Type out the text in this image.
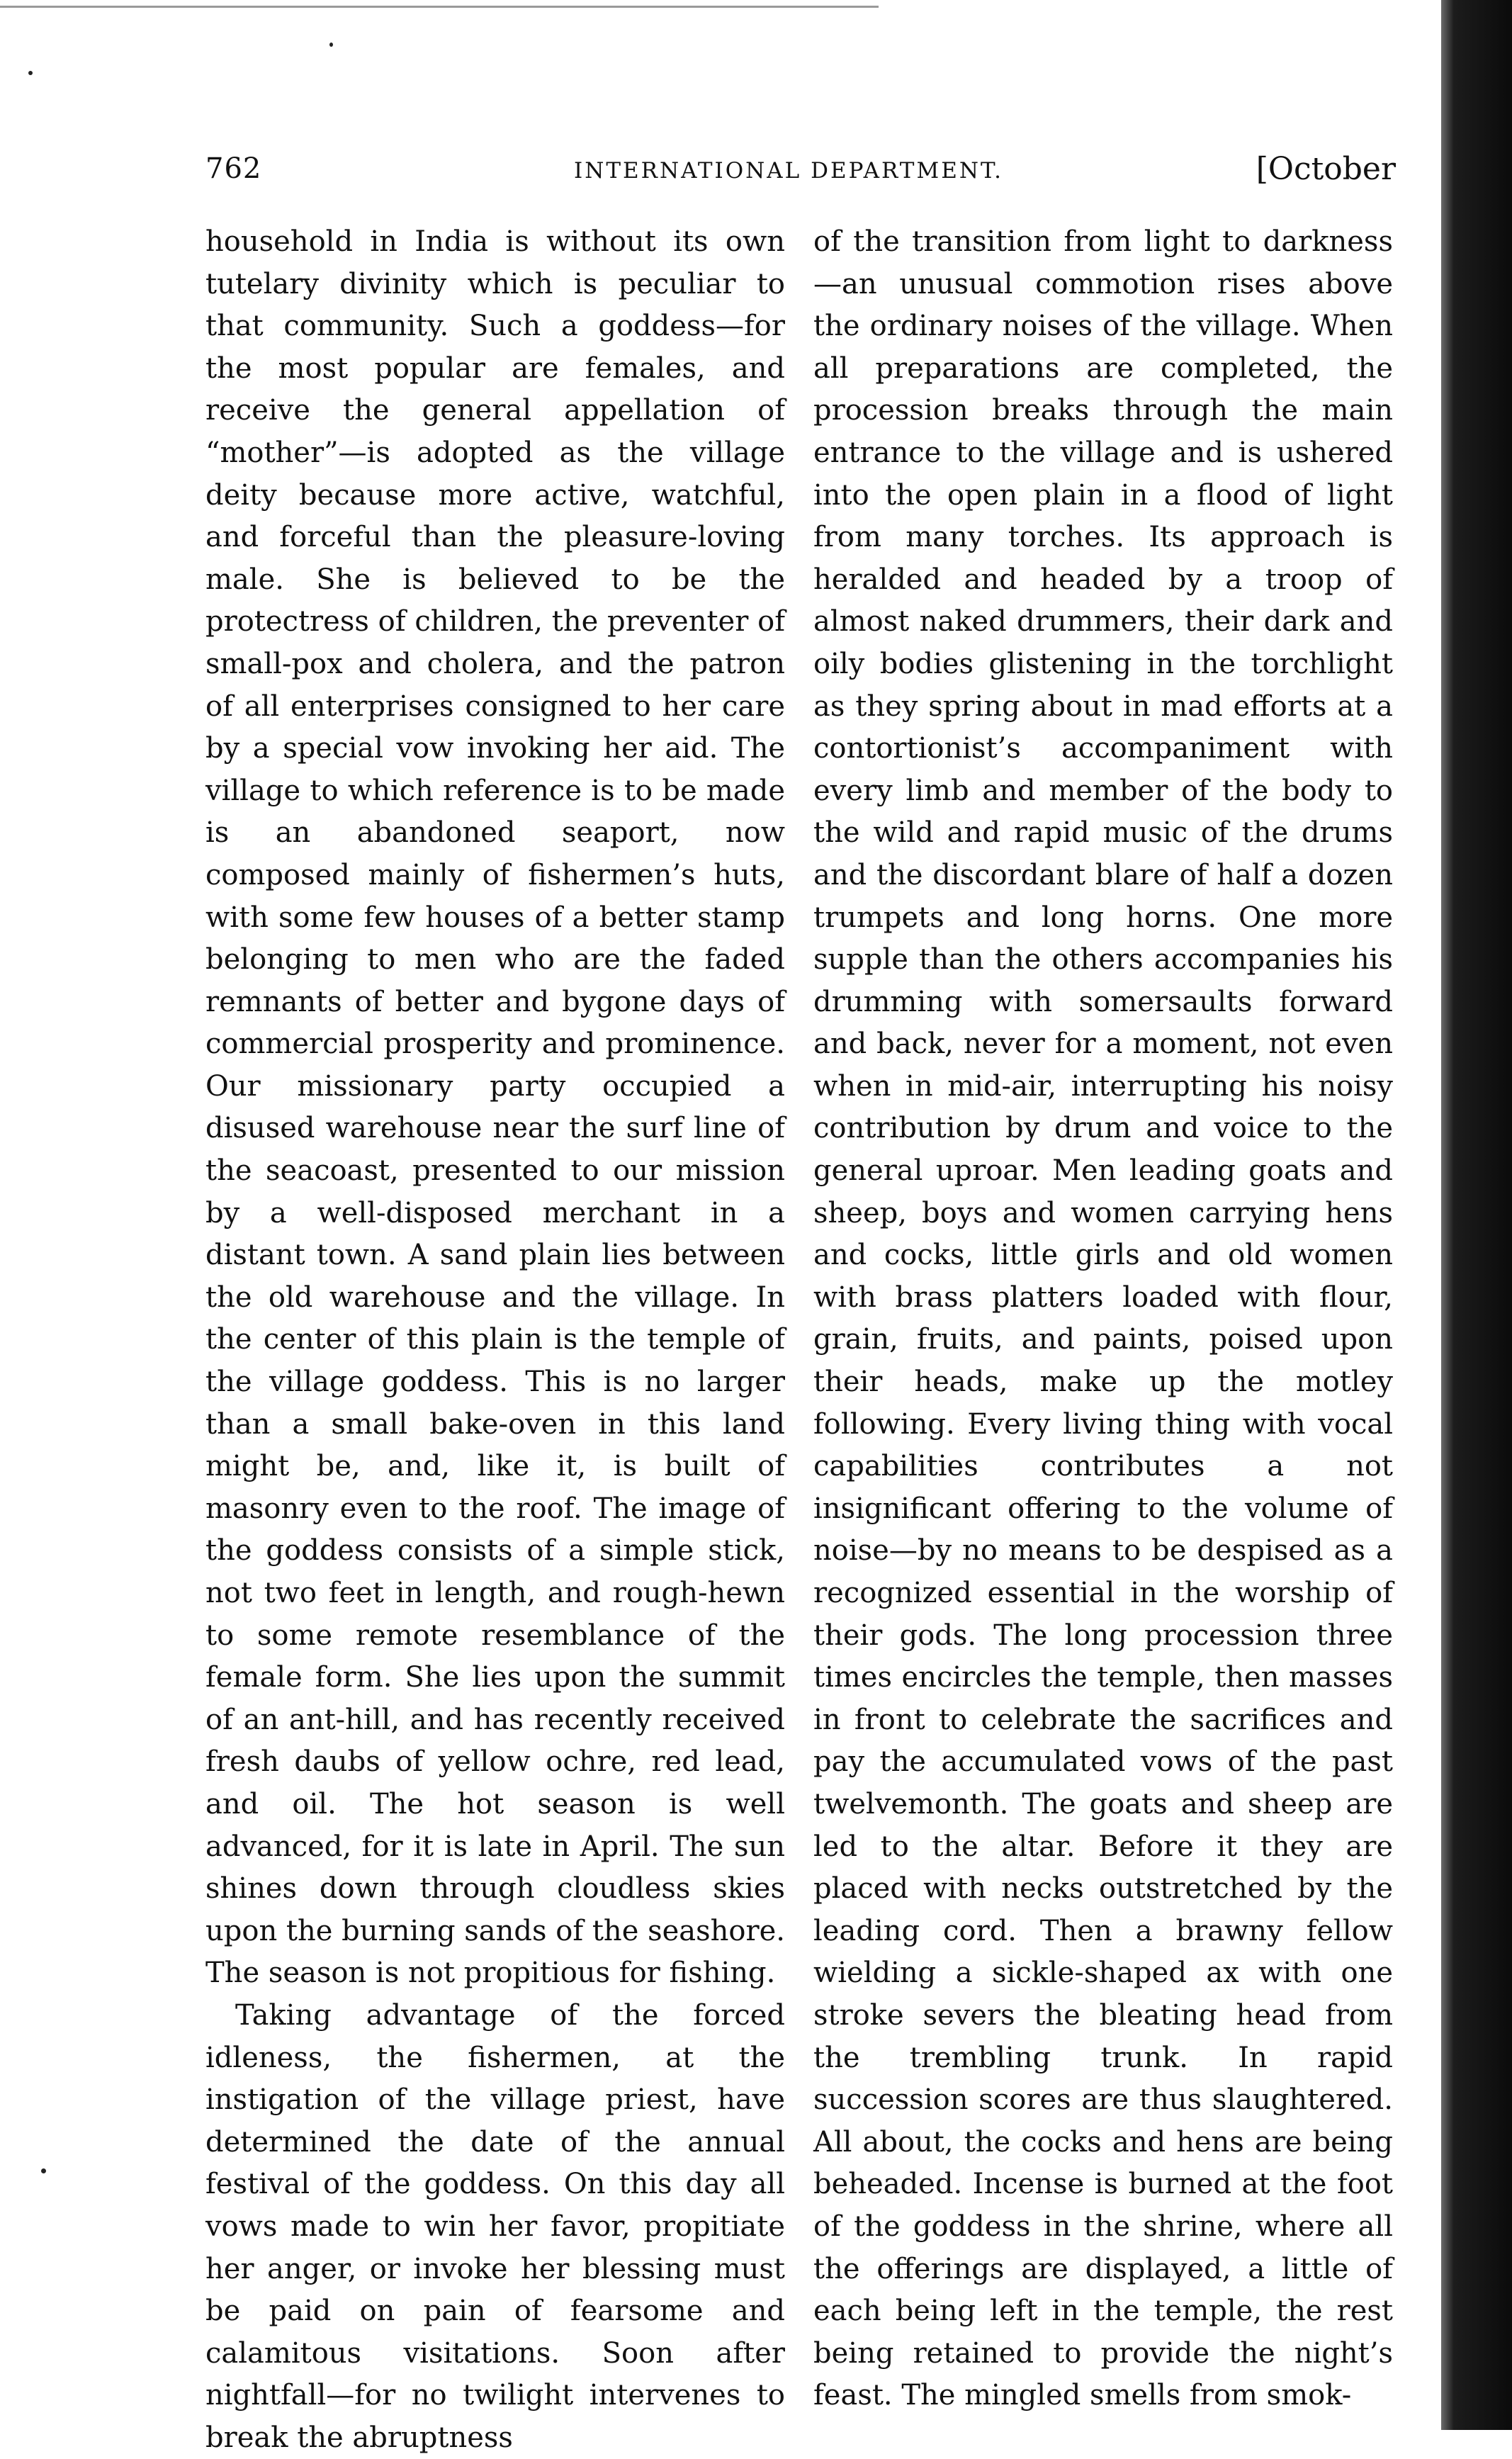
762	INTERNATIONAL DEPARTMENT.	[October

household in India is without its own tutelary divinity which is peculiar to that community. Such a goddess—for the most popular are females, and receive the general appellation of “mother”—is adopted as the village deity because more active, watchful, and forceful than the pleasure-loving male. She is believed to be the protectress of children, the preventer of small-pox and cholera, and the patron of all enterprises consigned to her care by a special vow invoking her aid. The village to which reference is to be made is an abandoned seaport, now composed mainly of fishermen’s huts, with some few houses of a better stamp belonging to men who are the faded remnants of better and bygone days of commercial prosperity and prominence. Our missionary party occupied a disused warehouse near the surf line of the seacoast, presented to our mission by a well-disposed merchant in a distant town. A sand plain lies between the old warehouse and the village. In the center of this plain is the temple of the village goddess. This is no larger than a small bake-oven in this land might be, and, like it, is built of masonry even to the roof. The image of the goddess consists of a simple stick, not two feet in length, and rough-hewn to some remote resemblance of the female form. She lies upon the summit of an ant-hill, and has recently received fresh daubs of yellow ochre, red lead, and oil. The hot season is well advanced, for it is late in April. The sun shines down through cloudless skies upon the burning sands of the seashore. The season is not propitious for fishing.

Taking advantage of the forced idleness, the fishermen, at the instigation of the village priest, have determined the date of the annual festival of the goddess. On this day all vows made to win her favor, propitiate her anger, or invoke her blessing must be paid on pain of fearsome and calamitous visitations. Soon after nightfall—for no twilight intervenes to break the abruptness

of the transition from light to darkness—an unusual commotion rises above the ordinary noises of the village. When all preparations are completed, the procession breaks through the main entrance to the village and is ushered into the open plain in a flood of light from many torches. Its approach is heralded and headed by a troop of almost naked drummers, their dark and oily bodies glistening in the torchlight as they spring about in mad efforts at a contortionist’s accompaniment with every limb and member of the body to the wild and rapid music of the drums and the discordant blare of half a dozen trumpets and long horns. One more supple than the others accompanies his drumming with somersaults forward and back, never for a moment, not even when in mid-air, interrupting his noisy contribution by drum and voice to the general uproar. Men leading goats and sheep, boys and women carrying hens and cocks, little girls and old women with brass platters loaded with flour, grain, fruits, and paints, poised upon their heads, make up the motley following. Every living thing with vocal capabilities contributes a not insignificant offering to the volume of noise—by no means to be despised as a recognized essential in the worship of their gods. The long procession three times encircles the temple, then masses in front to celebrate the sacrifices and pay the accumulated vows of the past twelvemonth. The goats and sheep are led to the altar. Before it they are placed with necks outstretched by the leading cord. Then a brawny fellow wielding a sickle-shaped ax with one stroke severs the bleating head from the trembling trunk. In rapid succession scores are thus slaughtered. All about, the cocks and hens are being beheaded. Incense is burned at the foot of the goddess in the shrine, where all the offerings are displayed, a little of each being left in the temple, the rest being retained to provide the night’s feast. The mingled smells from smok-
